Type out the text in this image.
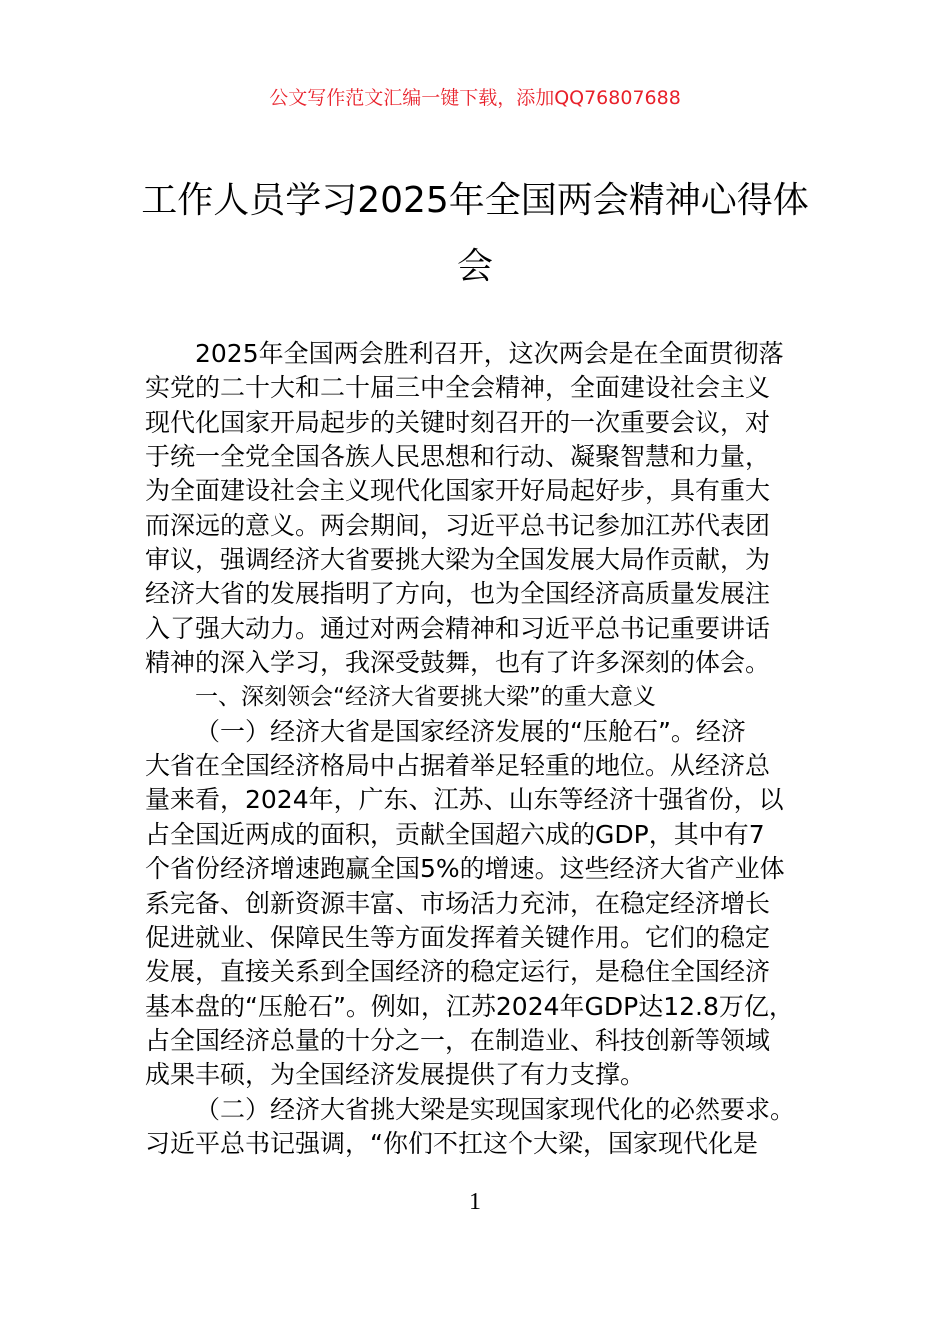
公文写作范文汇编一键下载，添加QQ76807688
工作人员学习2025年全国两会精神心得体
会
2025年全国两会胜利召开，这次两会是在全面贯彻落
实党的二十大和二十届三中全会精神，全面建设社会主义
现代化国家开局起步的关键时刻召开的一次重要会议，对
于统一全党全国各族人民思想和行动、凝聚智慧和力量，
为全面建设社会主义现代化国家开好局起好步，具有重大
而深远的意义。两会期间，习近平总书记参加江苏代表团
审议，强调经济大省要挑大梁为全国发展大局作贡献，为
经济大省的发展指明了方向，也为全国经济高质量发展注
入了强大动力。通过对两会精神和习近平总书记重要讲话
精神的深入学习，我深受鼓舞，也有了许多深刻的体会。
一、深刻领会“经济大省要挑大梁”的重大意义
（一）经济大省是国家经济发展的“压舱石”。经济
大省在全国经济格局中占据着举足轻重的地位。从经济总
量来看，2024年，广东、江苏、山东等经济十强省份，以
占全国近两成的面积，贡献全国超六成的GDP，其中有7
个省份经济增速跑赢全国5%的增速。这些经济大省产业体
系完备、创新资源丰富、市场活力充沛，在稳定经济增长
促进就业、保障民生等方面发挥着关键作用。它们的稳定
发展，直接关系到全国经济的稳定运行，是稳住全国经济
基本盘的“压舱石”。例如，江苏2024年GDP达12.8万亿，
占全国经济总量的十分之一，在制造业、科技创新等领域
成果丰硕，为全国经济发展提供了有力支撑。
（二）经济大省挑大梁是实现国家现代化的必然要求。
习近平总书记强调，“你们不扛这个大梁，国家现代化是
1
